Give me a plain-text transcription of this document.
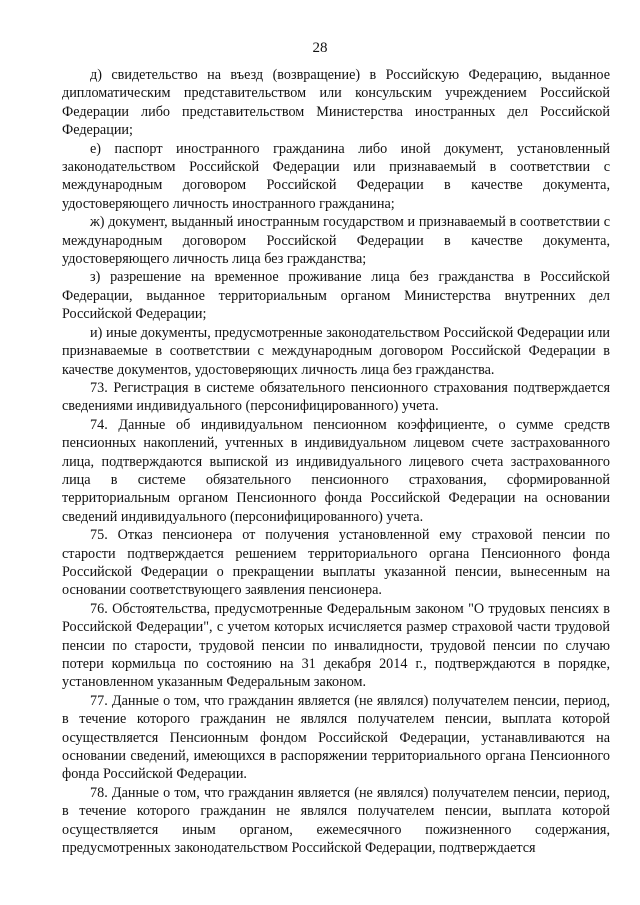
28

д) свидетельство на въезд (возвращение) в Российскую Федерацию, выданное дипломатическим представительством или консульским учреждением Российской Федерации либо представительством Министерства иностранных дел Российской Федерации;

е) паспорт иностранного гражданина либо иной документ, установленный законодательством Российской Федерации или признаваемый в соответствии с международным договором Российской Федерации в качестве документа, удостоверяющего личность иностранного гражданина;

ж) документ, выданный иностранным государством и признаваемый в соответствии с международным договором Российской Федерации в качестве документа, удостоверяющего личность лица без гражданства;

з) разрешение на временное проживание лица без гражданства в Российской Федерации, выданное территориальным органом Министерства внутренних дел Российской Федерации;

и) иные документы, предусмотренные законодательством Российской Федерации или признаваемые в соответствии с международным договором Российской Федерации в качестве документов, удостоверяющих личность лица без гражданства.

73. Регистрация в системе обязательного пенсионного страхования подтверждается сведениями индивидуального (персонифицированного) учета.

74. Данные об индивидуальном пенсионном коэффициенте, о сумме средств пенсионных накоплений, учтенных в индивидуальном лицевом счете застрахованного лица, подтверждаются выпиской из индивидуального лицевого счета застрахованного лица в системе обязательного пенсионного страхования, сформированной территориальным органом Пенсионного фонда Российской Федерации на основании сведений индивидуального (персонифицированного) учета.

75. Отказ пенсионера от получения установленной ему страховой пенсии по старости подтверждается решением территориального органа Пенсионного фонда Российской Федерации о прекращении выплаты указанной пенсии, вынесенным на основании соответствующего заявления пенсионера.

76. Обстоятельства, предусмотренные Федеральным законом "О трудовых пенсиях в Российской Федерации", с учетом которых исчисляется размер страховой части трудовой пенсии по старости, трудовой пенсии по инвалидности, трудовой пенсии по случаю потери кормильца по состоянию на 31 декабря 2014 г., подтверждаются в порядке, установленном указанным Федеральным законом.

77. Данные о том, что гражданин является (не являлся) получателем пенсии, период, в течение которого гражданин не являлся получателем пенсии, выплата которой осуществляется Пенсионным фондом Российской Федерации, устанавливаются на основании сведений, имеющихся в распоряжении территориального органа Пенсионного фонда Российской Федерации.

78. Данные о том, что гражданин является (не являлся) получателем пенсии, период, в течение которого гражданин не являлся получателем пенсии, выплата которой осуществляется иным органом, ежемесячного пожизненного содержания, предусмотренных законодательством Российской Федерации, подтверждается
